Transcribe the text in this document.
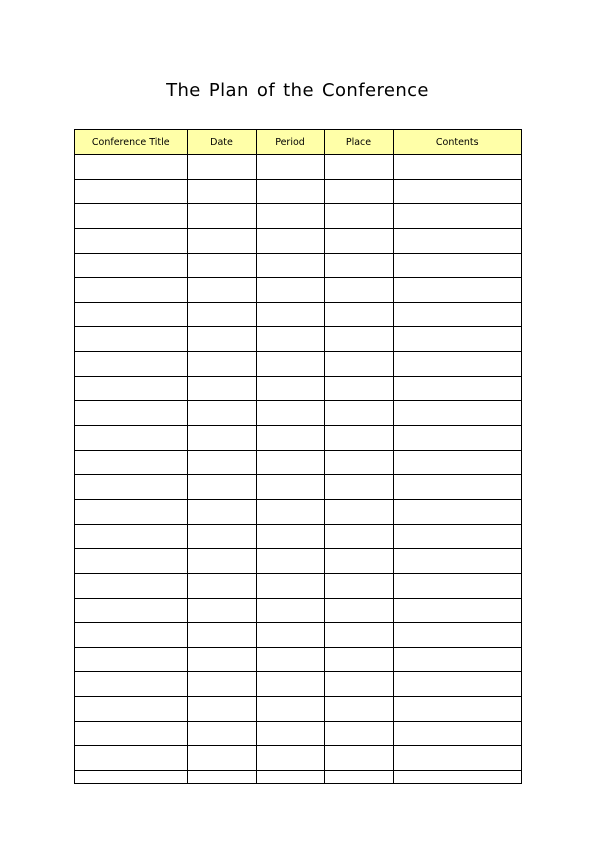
The Plan of the Conference
Conference Title	Date	Period	Place	Contents
